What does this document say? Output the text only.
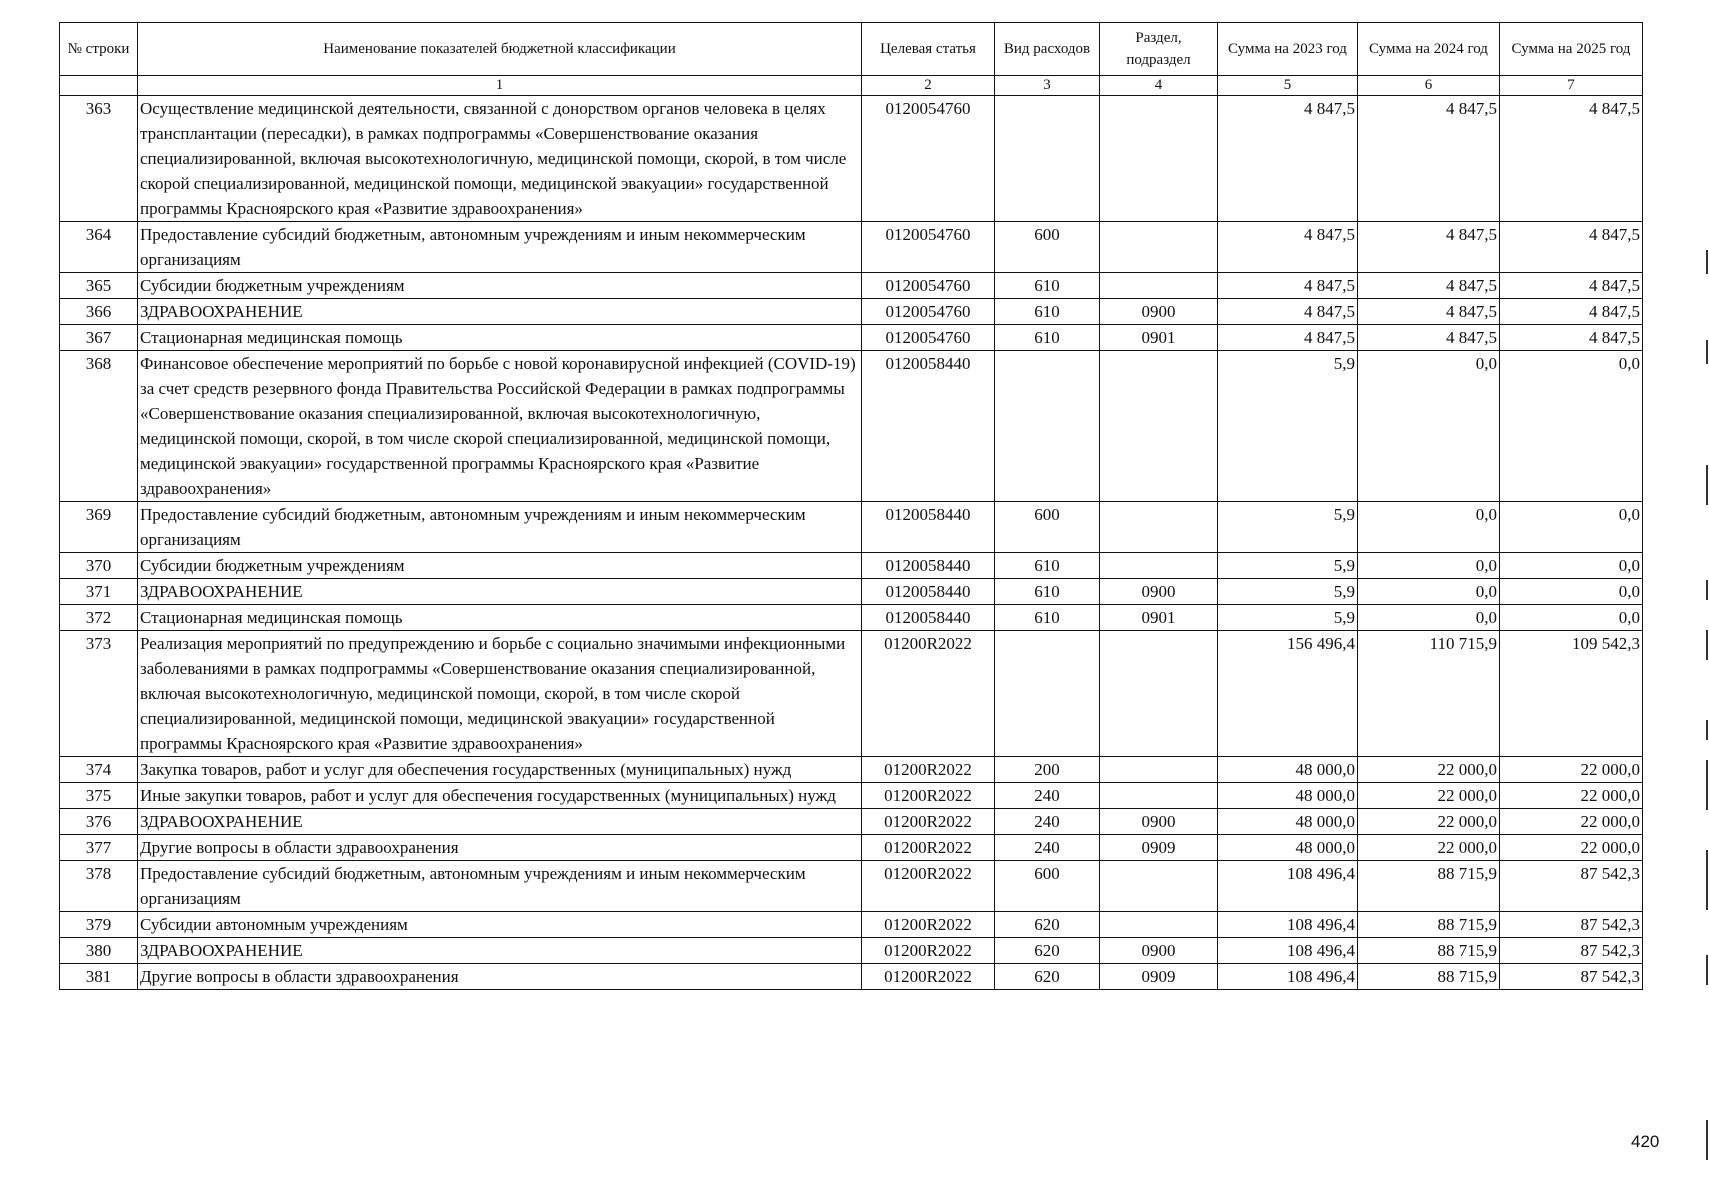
№ строки	Наименование показателей бюджетной классификации	Целевая статья	Вид расходов	Раздел, подраздел	Сумма на 2023 год	Сумма на 2024 год	Сумма на 2025 год
	1	2	3	4	5	6	7
363	Осуществление медицинской деятельности, связанной с донорством органов человека в целях трансплантации (пересадки), в рамках подпрограммы «Совершенствование оказания специализированной, включая высокотехнологичную, медицинской помощи, скорой, в том числе скорой специализированной, медицинской помощи, медицинской эвакуации» государственной программы Красноярского края «Развитие здравоохранения»	0120054760			4 847,5	4 847,5	4 847,5
364	Предоставление субсидий бюджетным, автономным учреждениям и иным некоммерческим организациям	0120054760	600		4 847,5	4 847,5	4 847,5
365	Субсидии бюджетным учреждениям	0120054760	610		4 847,5	4 847,5	4 847,5
366	ЗДРАВООХРАНЕНИЕ	0120054760	610	0900	4 847,5	4 847,5	4 847,5
367	Стационарная медицинская помощь	0120054760	610	0901	4 847,5	4 847,5	4 847,5
368	Финансовое обеспечение мероприятий по борьбе с новой коронавирусной инфекцией (COVID-19) за счет средств резервного фонда Правительства Российской Федерации в рамках подпрограммы «Совершенствование оказания специализированной, включая высокотехнологичную, медицинской помощи, скорой, в том числе скорой специализированной, медицинской помощи, медицинской эвакуации» государственной программы Красноярского края «Развитие здравоохранения»	0120058440			5,9	0,0	0,0
369	Предоставление субсидий бюджетным, автономным учреждениям и иным некоммерческим организациям	0120058440	600		5,9	0,0	0,0
370	Субсидии бюджетным учреждениям	0120058440	610		5,9	0,0	0,0
371	ЗДРАВООХРАНЕНИЕ	0120058440	610	0900	5,9	0,0	0,0
372	Стационарная медицинская помощь	0120058440	610	0901	5,9	0,0	0,0
373	Реализация мероприятий по предупреждению и борьбе с социально значимыми инфекционными заболеваниями в рамках подпрограммы «Совершенствование оказания специализированной, включая высокотехнологичную, медицинской помощи, скорой, в том числе скорой специализированной, медицинской помощи, медицинской эвакуации» государственной программы Красноярского края «Развитие здравоохранения»	01200R2022			156 496,4	110 715,9	109 542,3
374	Закупка товаров, работ и услуг для обеспечения государственных (муниципальных) нужд	01200R2022	200		48 000,0	22 000,0	22 000,0
375	Иные закупки товаров, работ и услуг для обеспечения государственных (муниципальных) нужд	01200R2022	240		48 000,0	22 000,0	22 000,0
376	ЗДРАВООХРАНЕНИЕ	01200R2022	240	0900	48 000,0	22 000,0	22 000,0
377	Другие вопросы в области здравоохранения	01200R2022	240	0909	48 000,0	22 000,0	22 000,0
378	Предоставление субсидий бюджетным, автономным учреждениям и иным некоммерческим организациям	01200R2022	600		108 496,4	88 715,9	87 542,3
379	Субсидии автономным учреждениям	01200R2022	620		108 496,4	88 715,9	87 542,3
380	ЗДРАВООХРАНЕНИЕ	01200R2022	620	0900	108 496,4	88 715,9	87 542,3
381	Другие вопросы в области здравоохранения	01200R2022	620	0909	108 496,4	88 715,9	87 542,3
420
